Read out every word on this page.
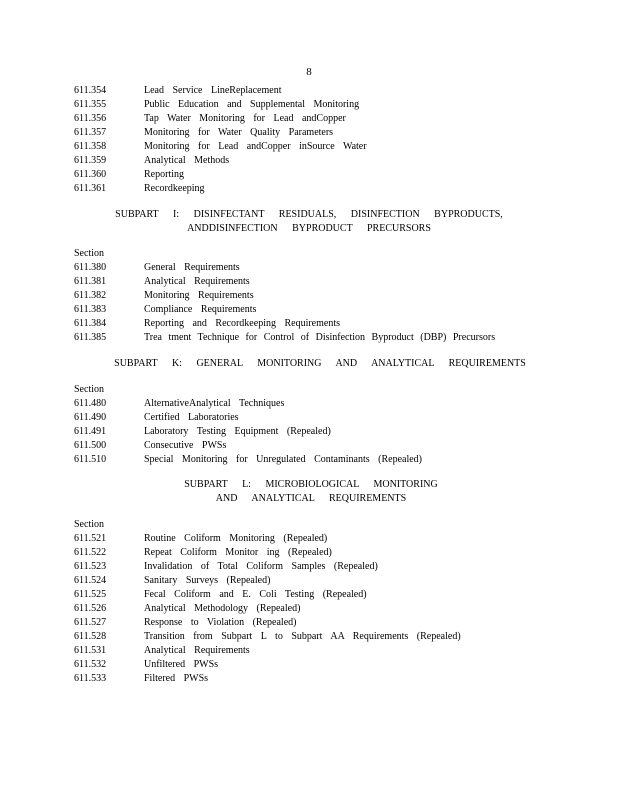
8
611.354	Lead Service LineReplacement
611.355	Public Education and Supplemental Monitoring
611.356	Tap Water Monitoring for Lead andCopper
611.357	Monitoring for Water Quality Parameters
611.358	Monitoring for Lead andCopper inSource Water
611.359	Analytical Methods
611.360	Reporting
611.361	Recordkeeping
SUBPART I: DISINFECTANT RESIDUALS, DISINFECTION BYPRODUCTS,
ANDDISINFECTION BYPRODUCT PRECURSORS
Section
611.380	General Requirements
611.381	Analytical Requirements
611.382	Monitoring Requirements
611.383	Compliance Requirements
611.384	Reporting and Recordkeeping Requirements
611.385	Trea tment Technique for Control of Disinfection Byproduct (DBP) Precursors
SUBPART K: GENERAL MONITORING AND ANALYTICAL REQUIREMENTS
Section
611.480	AlternativeAnalytical Techniques
611.490	Certified Laboratories
611.491	Laboratory Testing Equipment (Repealed)
611.500	Consecutive PWSs
611.510	Special Monitoring for Unregulated Contaminants (Repealed)
SUBPART L: MICROBIOLOGICAL MONITORING
AND ANALYTICAL REQUIREMENTS
Section
611.521	Routine Coliform Monitoring (Repealed)
611.522	Repeat Coliform Monitor ing (Repealed)
611.523	Invalidation of Total Coliform Samples (Repealed)
611.524	Sanitary Surveys (Repealed)
611.525	Fecal Coliform and E. Coli Testing (Repealed)
611.526	Analytical Methodology (Repealed)
611.527	Response to Violation (Repealed)
611.528	Transition from Subpart L to Subpart AA Requirements (Repealed)
611.531	Analytical Requirements
611.532	Unfiltered PWSs
611.533	Filtered PWSs
